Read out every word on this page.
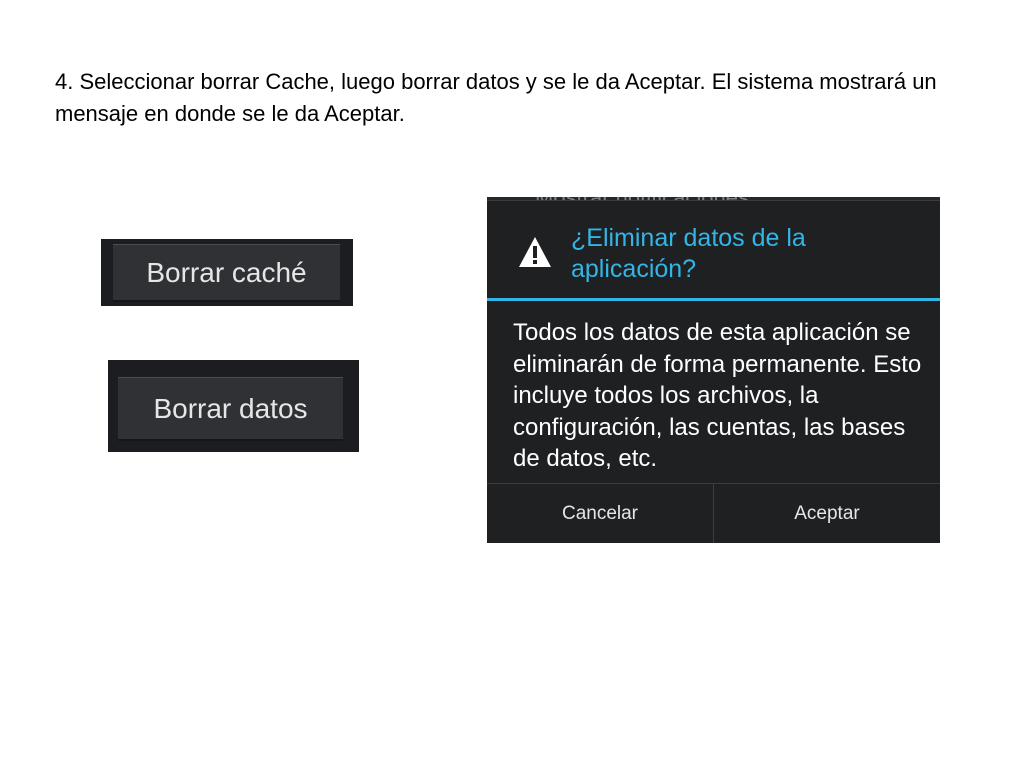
4. Seleccionar borrar Cache, luego borrar datos y se le da Aceptar. El sistema mostrará un mensaje en donde se le da Aceptar.

Borrar caché
Borrar datos
¿Eliminar datos de la aplicación?
Todos los datos de esta aplicación se eliminarán de forma permanente. Esto incluye todos los archivos, la configuración, las cuentas, las bases de datos, etc.
Cancelar	Aceptar
